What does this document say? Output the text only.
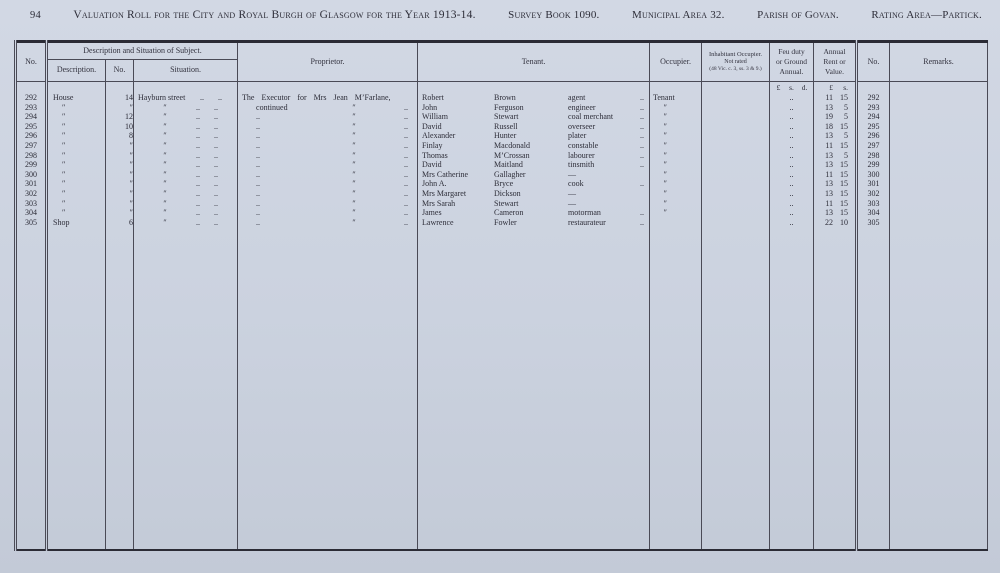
94	Valuation Roll for the City and Royal Burgh of Glasgow for the Year 1913-14.	Survey Book 1090.	Municipal Area 32.	Parish of Govan.	Rating Area—Partick.
No.	Description and Situation of Subject.	Proprietor.	Tenant.	Occupier.	
Inhabitant Occupier.
Not rated
(48 Vic. c. 3, ss. 3 & 9.)

Feu duty
or Ground
Annual.

Annual
Rent or
Value.
	No.	Remarks.
	Description.	No.	Situation.								
								£ s. d.	£ s.		
292	House	14	Hayburn street .. ..	The Executor for Mrs Jean M’Farlane,	Robert Brown agent ..	Tenant		..	11 15	292	
293	″	″	″ .. ..	continued ″ ..	John Ferguson engineer ..	″		..	13 5	293	
294	″	12	″ .. ..	.. ″ ..	William Stewart coal merchant ..	″		..	19 5	294	
295	″	10	″ .. ..	.. ″ ..	David Russell overseer ..	″		..	18 15	295	
296	″	8	″ .. ..	.. ″ ..	Alexander Hunter plater ..	″		..	13 5	296	
297	″	″	″ .. ..	.. ″ ..	Finlay Macdonald constable ..	″		..	11 15	297	
298	″	″	″ .. ..	.. ″ ..	Thomas M’Crossan labourer ..	″		..	13 5	298	
299	″	″	″ .. ..	.. ″ ..	David Maitland tinsmith ..	″		..	13 15	299	
300	″	″	″ .. ..	.. ″ ..	Mrs Catherine Gallagher —	″		..	11 15	300	
301	″	″	″ .. ..	.. ″ ..	John A. Bryce cook ..	″		..	13 15	301	
302	″	″	″ .. ..	.. ″ ..	Mrs Margaret Dickson —	″		..	13 15	302	
303	″	″	″ .. ..	.. ″ ..	Mrs Sarah Stewart —	″		..	11 15	303	
304	″	″	″ .. ..	.. ″ ..	James Cameron motorman ..	″		..	13 15	304	
305	Shop	6	″ .. ..	.. ″ ..	Lawrence Fowler restaurateur ..			..	22 10	305	
